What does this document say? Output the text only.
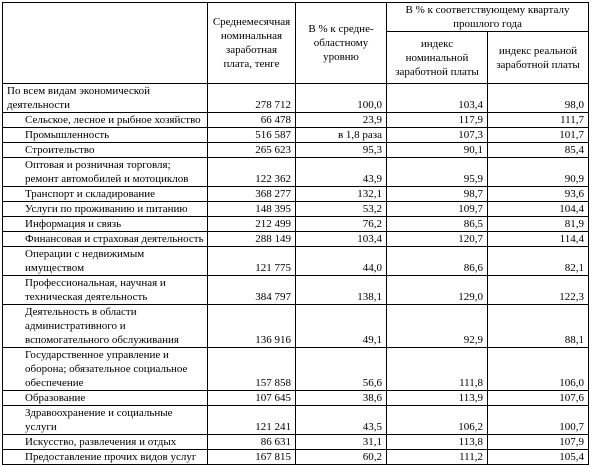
	Среднемесячная номинальная заработная плата, тенге	В % к средне-областному уровню	В % к соответствующему кварталу прошлого года	
			индекс номинальной заработной платы	индекс реальной заработной платы
По всем видам экономической деятельности	278 712	100,0	103,4	98,0
Сельское, лесное и рыбное хозяйство	66 478	23,9	117,9	111,7
Промышленность	516 587	в 1,8 раза	107,3	101,7
Строительство	265 623	95,3	90,1	85,4
Оптовая и розничная торговля; ремонт автомобилей и мотоциклов	122 362	43,9	95,9	90,9
Транспорт и складирование	368 277	132,1	98,7	93,6
Услуги по проживанию и питанию	148 395	53,2	109,7	104,4
Информация и связь	212 499	76,2	86,5	81,9
Финансовая и страховая деятельность	288 149	103,4	120,7	114,4
Операции с недвижимым имуществом	121 775	44,0	86,6	82,1
Профессиональная, научная и техническая деятельность	384 797	138,1	129,0	122,3
Деятельность в области административного и вспомогательного обслуживания	136 916	49,1	92,9	88,1
Государственное управление и оборона; обязательное социальное обеспечение	157 858	56,6	111,8	106,0
Образование	107 645	38,6	113,9	107,6
Здравоохранение и социальные услуги	121 241	43,5	106,2	100,7
Искусство, развлечения и отдых	86 631	31,1	113,8	107,9
Предоставление прочих видов услуг	167 815	60,2	111,2	105,4
